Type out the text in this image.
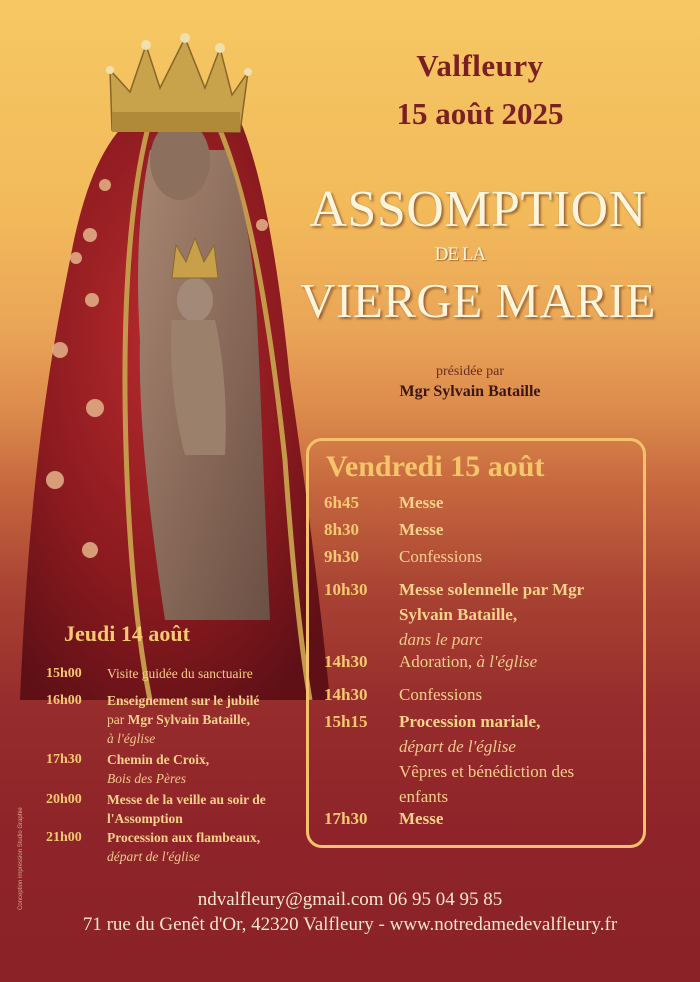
Valfleury
15 août 2025
ASSOMPTION
DE LA
VIERGE MARIE
présidée par
Mgr Sylvain Bataille
Vendredi 15 août
6h45	Messe
8h30	Messe
9h30	Confessions
10h30	Messe solennelle par Mgr Sylvain Bataille,
dans le parc
14h30	Adoration, à l'église
14h30	Confessions
15h15	Procession mariale,
départ de l'église
Vêpres et bénédiction des enfants
17h30	Messe
Jeudi 14 août
15h00	Visite guidée du sanctuaire
16h00	Enseignement sur le jubilé
par Mgr Sylvain Bataille,
à l'église
17h30	Chemin de Croix,
Bois des Pères
20h00	Messe de la veille au soir de l'Assomption
21h00	Procession aux flambeaux,
départ de l'église
Conception impression Studio Graphie	ndvalfleury@gmail.com 06 95 04 95 85
71 rue du Genêt d'Or, 42320 Valfleury - www.notredamedevalfleury.fr
